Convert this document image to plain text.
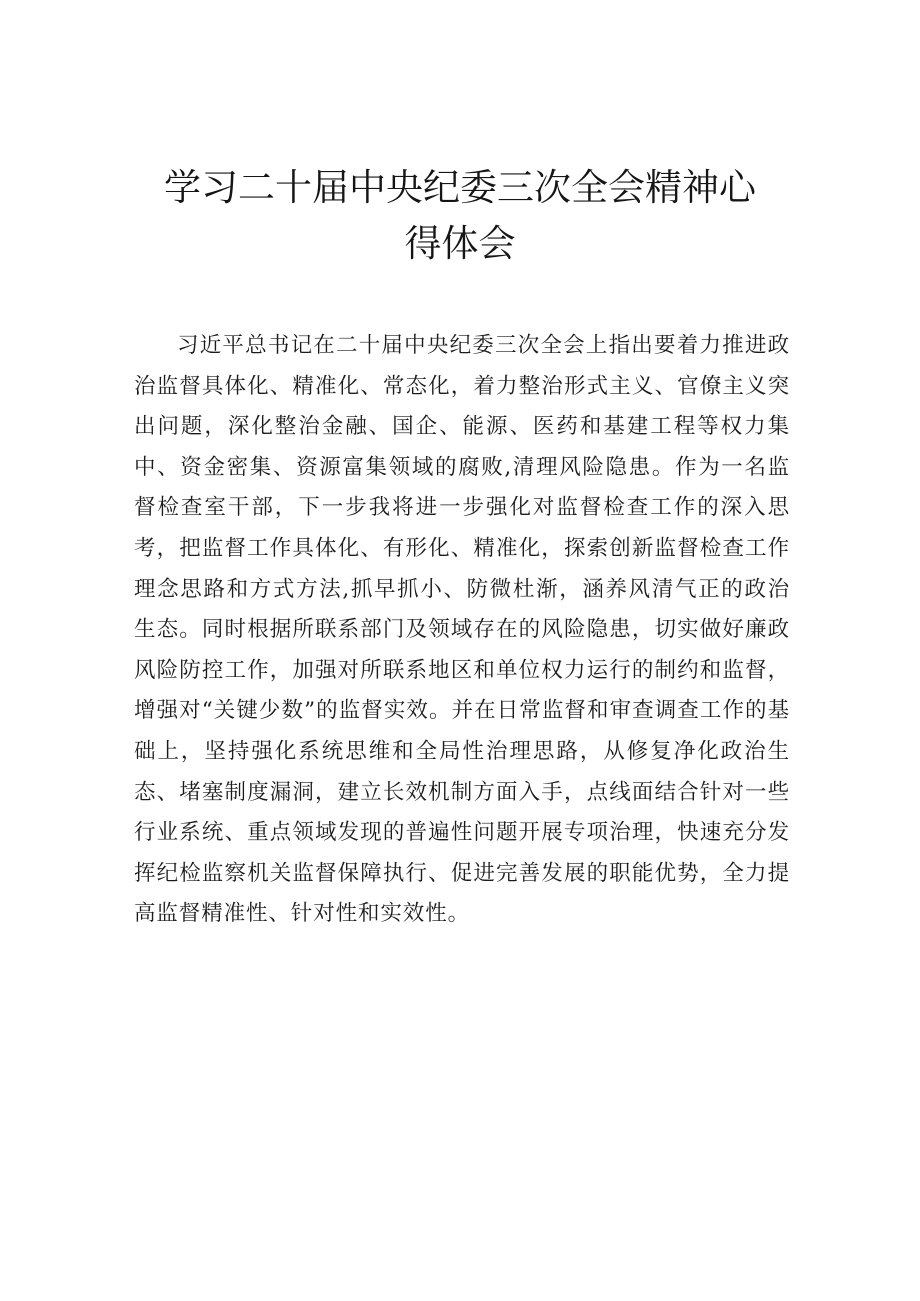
学习二十届中央纪委三次全会精神心得体会

习近平总书记在二十届中央纪委三次全会上指出要着力推进政治监督具体化、精准化、常态化，着力整治形式主义、官僚主义突出问题，深化整治金融、国企、能源、医药和基建工程等权力集中、资金密集、资源富集领域的腐败,清理风险隐患。作为一名监督检查室干部，下一步我将进一步强化对监督检查工作的深入思考，把监督工作具体化、有形化、精准化，探索创新监督检查工作理念思路和方式方法,抓早抓小、防微杜渐，涵养风清气正的政治生态。同时根据所联系部门及领域存在的风险隐患，切实做好廉政风险防控工作，加强对所联系地区和单位权力运行的制约和监督，增强对“关键少数”的监督实效。并在日常监督和审查调查工作的基础上，坚持强化系统思维和全局性治理思路，从修复净化政治生态、堵塞制度漏洞，建立长效机制方面入手，点线面结合针对一些行业系统、重点领域发现的普遍性问题开展专项治理，快速充分发挥纪检监察机关监督保障执行、促进完善发展的职能优势，全力提高监督精准性、针对性和实效性。
